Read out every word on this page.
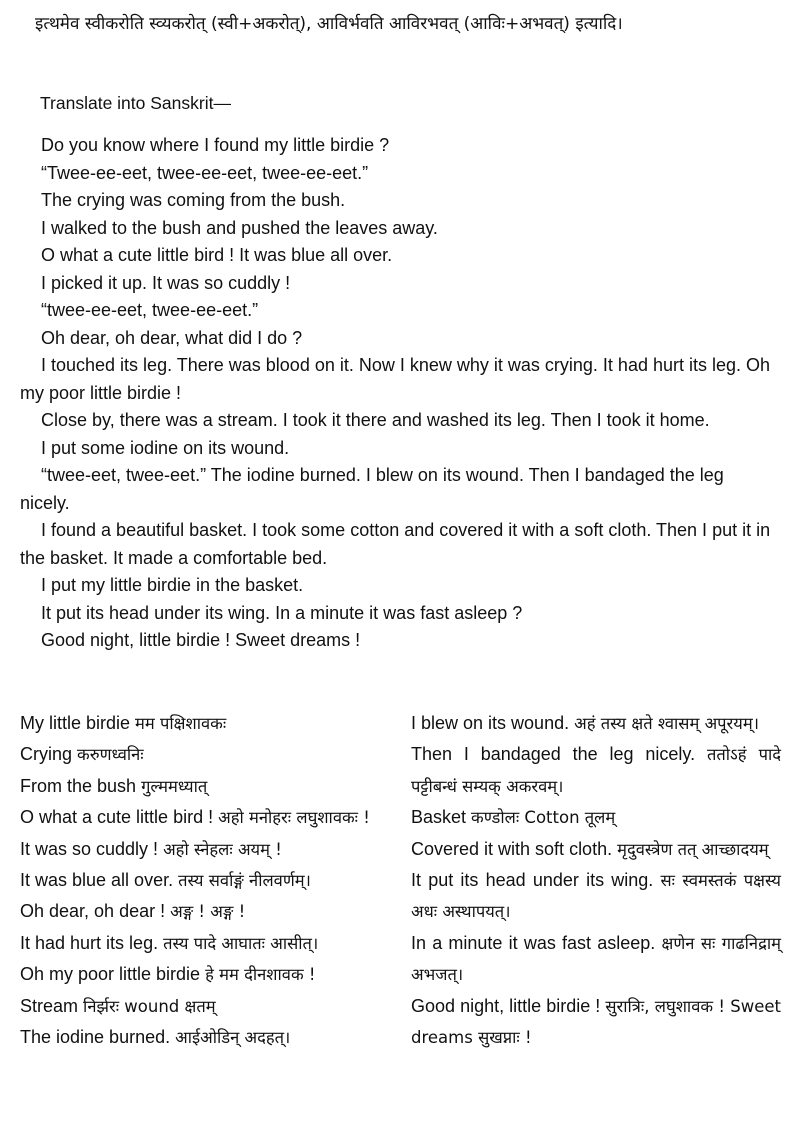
इत्थमेव स्वीकरोति स्व्यकरोत् (स्वी+अकरोत्), आविर्भवति आविरभवत् (आविः+अभवत्) इत्यादि।

Translate into Sanskrit—

Do you know where I found my little birdie ?

“Twee-ee-eet, twee-ee-eet, twee-ee-eet.”

The crying was coming from the bush.

I walked to the bush and pushed the leaves away.

O what a cute little bird ! It was blue all over.

I picked it up. It was so cuddly !

“twee-ee-eet, twee-ee-eet.”

Oh dear, oh dear, what did I do ?

I touched its leg. There was blood on it. Now I knew why it was crying. It had hurt its leg. Oh my poor little birdie !

Close by, there was a stream. I took it there and washed its leg. Then I took it home.

I put some iodine on its wound.

“twee-eet, twee-eet.” The iodine burned. I blew on its wound. Then I bandaged the leg nicely.

I found a beautiful basket. I took some cotton and covered it with a soft cloth. Then I put it in the basket. It made a comfortable bed.

I put my little birdie in the basket.

It put its head under its wing. In a minute it was fast asleep ?

Good night, little birdie ! Sweet dreams !

My little birdie मम पक्षिशावकः

Crying करुणध्वनिः

From the bush गुल्ममध्यात्

O what a cute little bird ! अहो मनोहरः लघुशावकः !

It was so cuddly ! अहो स्नेहलः अयम् !

It was blue all over. तस्य सर्वाङ्गं नीलवर्णम्।

Oh dear, oh dear ! अङ्ग ! अङ्ग !

It had hurt its leg. तस्य पादे आघातः आसीत्।

Oh my poor little birdie हे मम दीनशावक !

Stream निर्झरः wound क्षतम्

The iodine burned. आईओडिन् अदहत्।

I blew on its wound. अहं तस्य क्षते श्वासम् अपूरयम्।

Then I bandaged the leg nicely. ततोऽहं पादे पट्टीबन्धं सम्यक् अकरवम्।

Basket कण्डोलः Cotton तूलम्

Covered it with soft cloth. मृदुवस्त्रेण तत् आच्छादयम्

It put its head under its wing. सः स्वमस्तकं पक्षस्य अधः अस्थापयत्।

In a minute it was fast asleep. क्षणेन सः गाढनिद्राम् अभजत्।

Good night, little birdie ! सुरात्रिः, लघुशावक ! Sweet dreams सुखप्नाः !
